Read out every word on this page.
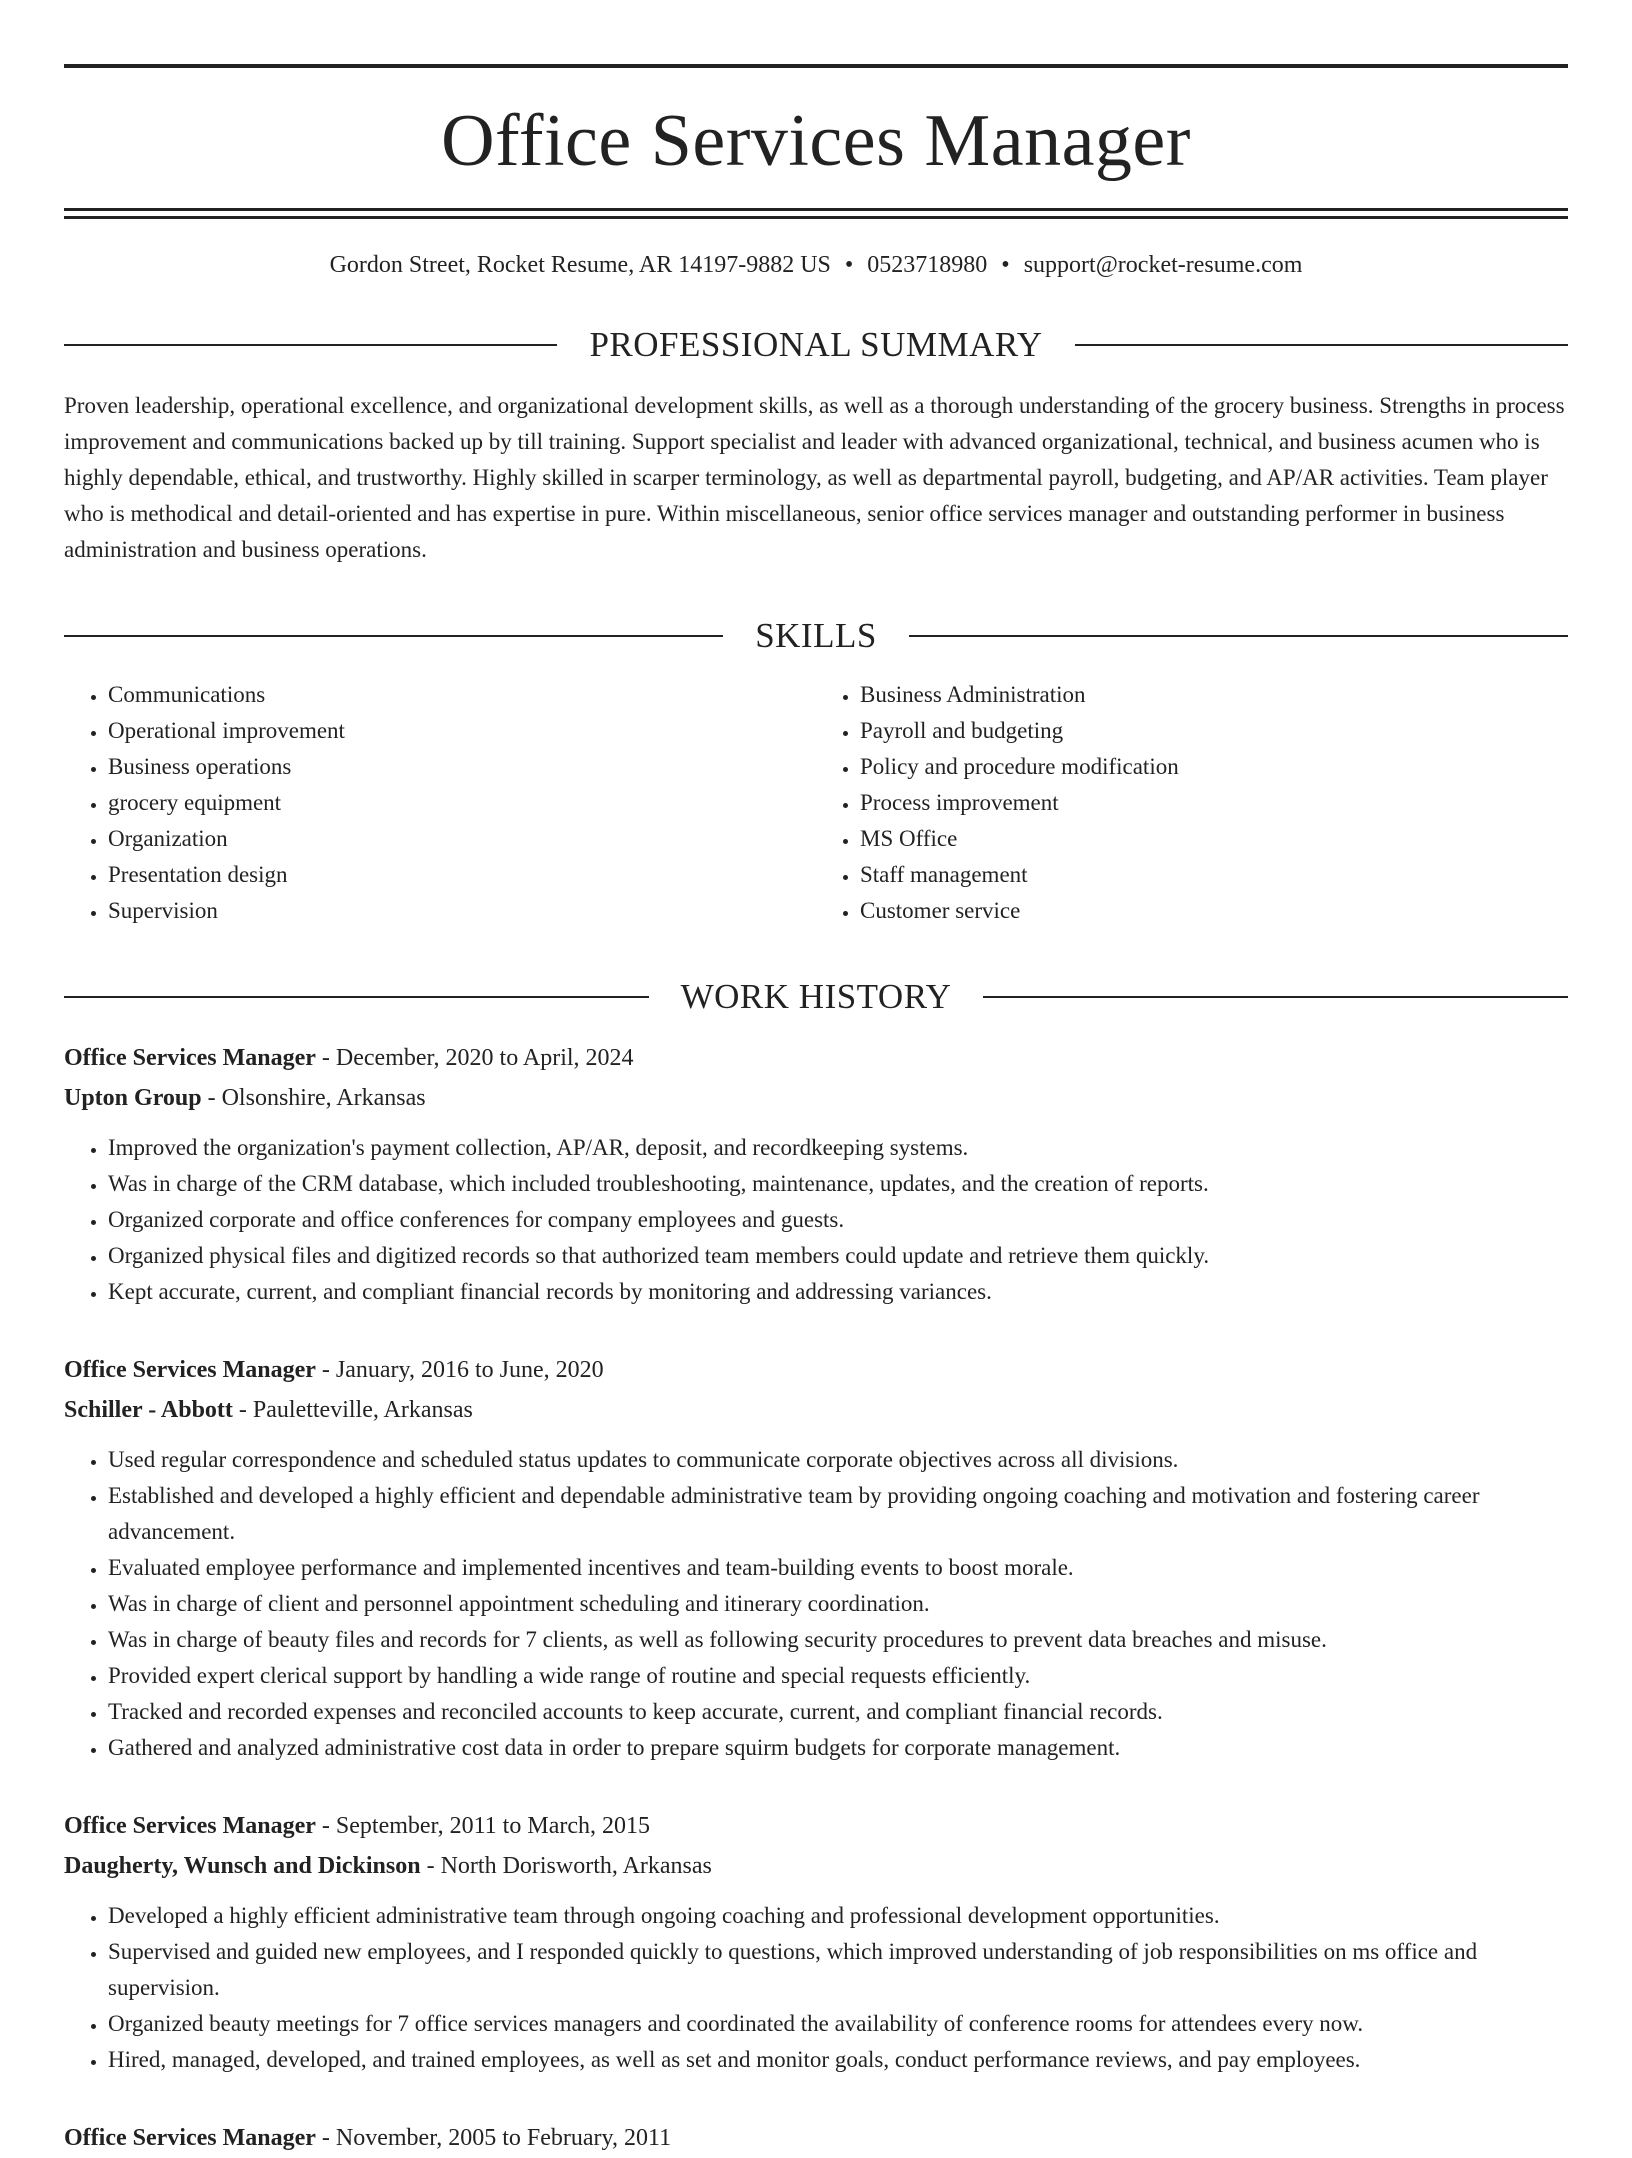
Office Services Manager
Gordon Street, Rocket Resume, AR 14197-9882 US • 0523718980 • support@rocket-resume.com
PROFESSIONAL SUMMARY
Proven leadership, operational excellence, and organizational development skills, as well as a thorough understanding of the grocery business. Strengths in process improvement and communications backed up by till training. Support specialist and leader with advanced organizational, technical, and business acumen who is highly dependable, ethical, and trustworthy. Highly skilled in scarper terminology, as well as departmental payroll, budgeting, and AP/AR activities. Team player who is methodical and detail-oriented and has expertise in pure. Within miscellaneous, senior office services manager and outstanding performer in business administration and business operations.
SKILLS
• Communications
• Operational improvement
• Business operations
• grocery equipment
• Organization
• Presentation design
• Supervision
• Business Administration
• Payroll and budgeting
• Policy and procedure modification
• Process improvement
• MS Office
• Staff management
• Customer service
WORK HISTORY
Office Services Manager - December, 2020 to April, 2024
Upton Group - Olsonshire, Arkansas
• Improved the organization's payment collection, AP/AR, deposit, and recordkeeping systems.
• Was in charge of the CRM database, which included troubleshooting, maintenance, updates, and the creation of reports.
• Organized corporate and office conferences for company employees and guests.
• Organized physical files and digitized records so that authorized team members could update and retrieve them quickly.
• Kept accurate, current, and compliant financial records by monitoring and addressing variances.
Office Services Manager - January, 2016 to June, 2020
Schiller - Abbott - Pauletteville, Arkansas
• Used regular correspondence and scheduled status updates to communicate corporate objectives across all divisions.
• Established and developed a highly efficient and dependable administrative team by providing ongoing coaching and motivation and fostering career advancement.
• Evaluated employee performance and implemented incentives and team-building events to boost morale.
• Was in charge of client and personnel appointment scheduling and itinerary coordination.
• Was in charge of beauty files and records for 7 clients, as well as following security procedures to prevent data breaches and misuse.
• Provided expert clerical support by handling a wide range of routine and special requests efficiently.
• Tracked and recorded expenses and reconciled accounts to keep accurate, current, and compliant financial records.
• Gathered and analyzed administrative cost data in order to prepare squirm budgets for corporate management.
Office Services Manager - September, 2011 to March, 2015
Daugherty, Wunsch and Dickinson - North Dorisworth, Arkansas
• Developed a highly efficient administrative team through ongoing coaching and professional development opportunities.
• Supervised and guided new employees, and I responded quickly to questions, which improved understanding of job responsibilities on ms office and supervision.
• Organized beauty meetings for 7 office services managers and coordinated the availability of conference rooms for attendees every now.
• Hired, managed, developed, and trained employees, as well as set and monitor goals, conduct performance reviews, and pay employees.
Office Services Manager - November, 2005 to February, 2011
